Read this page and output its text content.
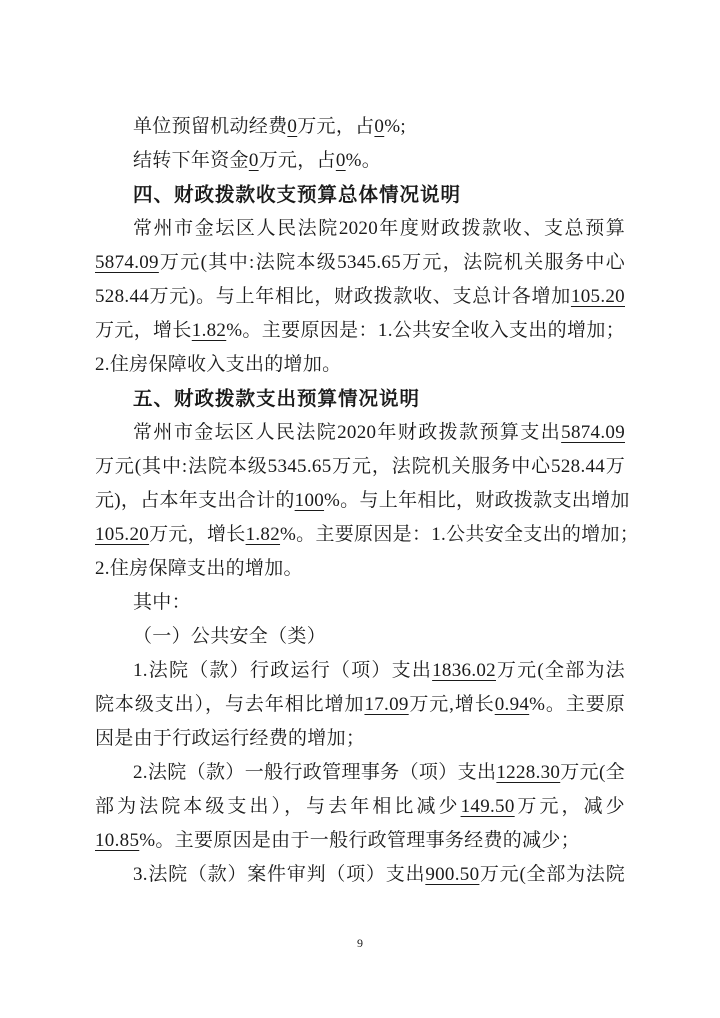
单位预留机动经费0万元，占0%;
结转下年资金0万元，占0%。
四、财政拨款收支预算总体情况说明
常州市金坛区人民法院2020年度财政拨款收、支总预算
5874.09万元(其中:法院本级5345.65万元，法院机关服务中心
528.44万元)。与上年相比，财政拨款收、支总计各增加105.20
万元，增长1.82%。主要原因是：1.公共安全收入支出的增加；
2.住房保障收入支出的增加。
五、财政拨款支出预算情况说明
常州市金坛区人民法院2020年财政拨款预算支出5874.09
万元(其中:法院本级5345.65万元，法院机关服务中心528.44万
元)，占本年支出合计的100%。与上年相比，财政拨款支出增加
105.20万元，增长1.82%。主要原因是：1.公共安全支出的增加；
2.住房保障支出的增加。
其中：
（一）公共安全（类）
1.法院（款）行政运行（项）支出1836.02万元(全部为法
院本级支出），与去年相比增加17.09万元,增长0.94%。主要原
因是由于行政运行经费的增加；
2.法院（款）一般行政管理事务（项）支出1228.30万元(全
部为法院本级支出），与去年相比减少149.50万元，减少
10.85%。主要原因是由于一般行政管理事务经费的减少；
3.法院（款）案件审判（项）支出900.50万元(全部为法院
9
